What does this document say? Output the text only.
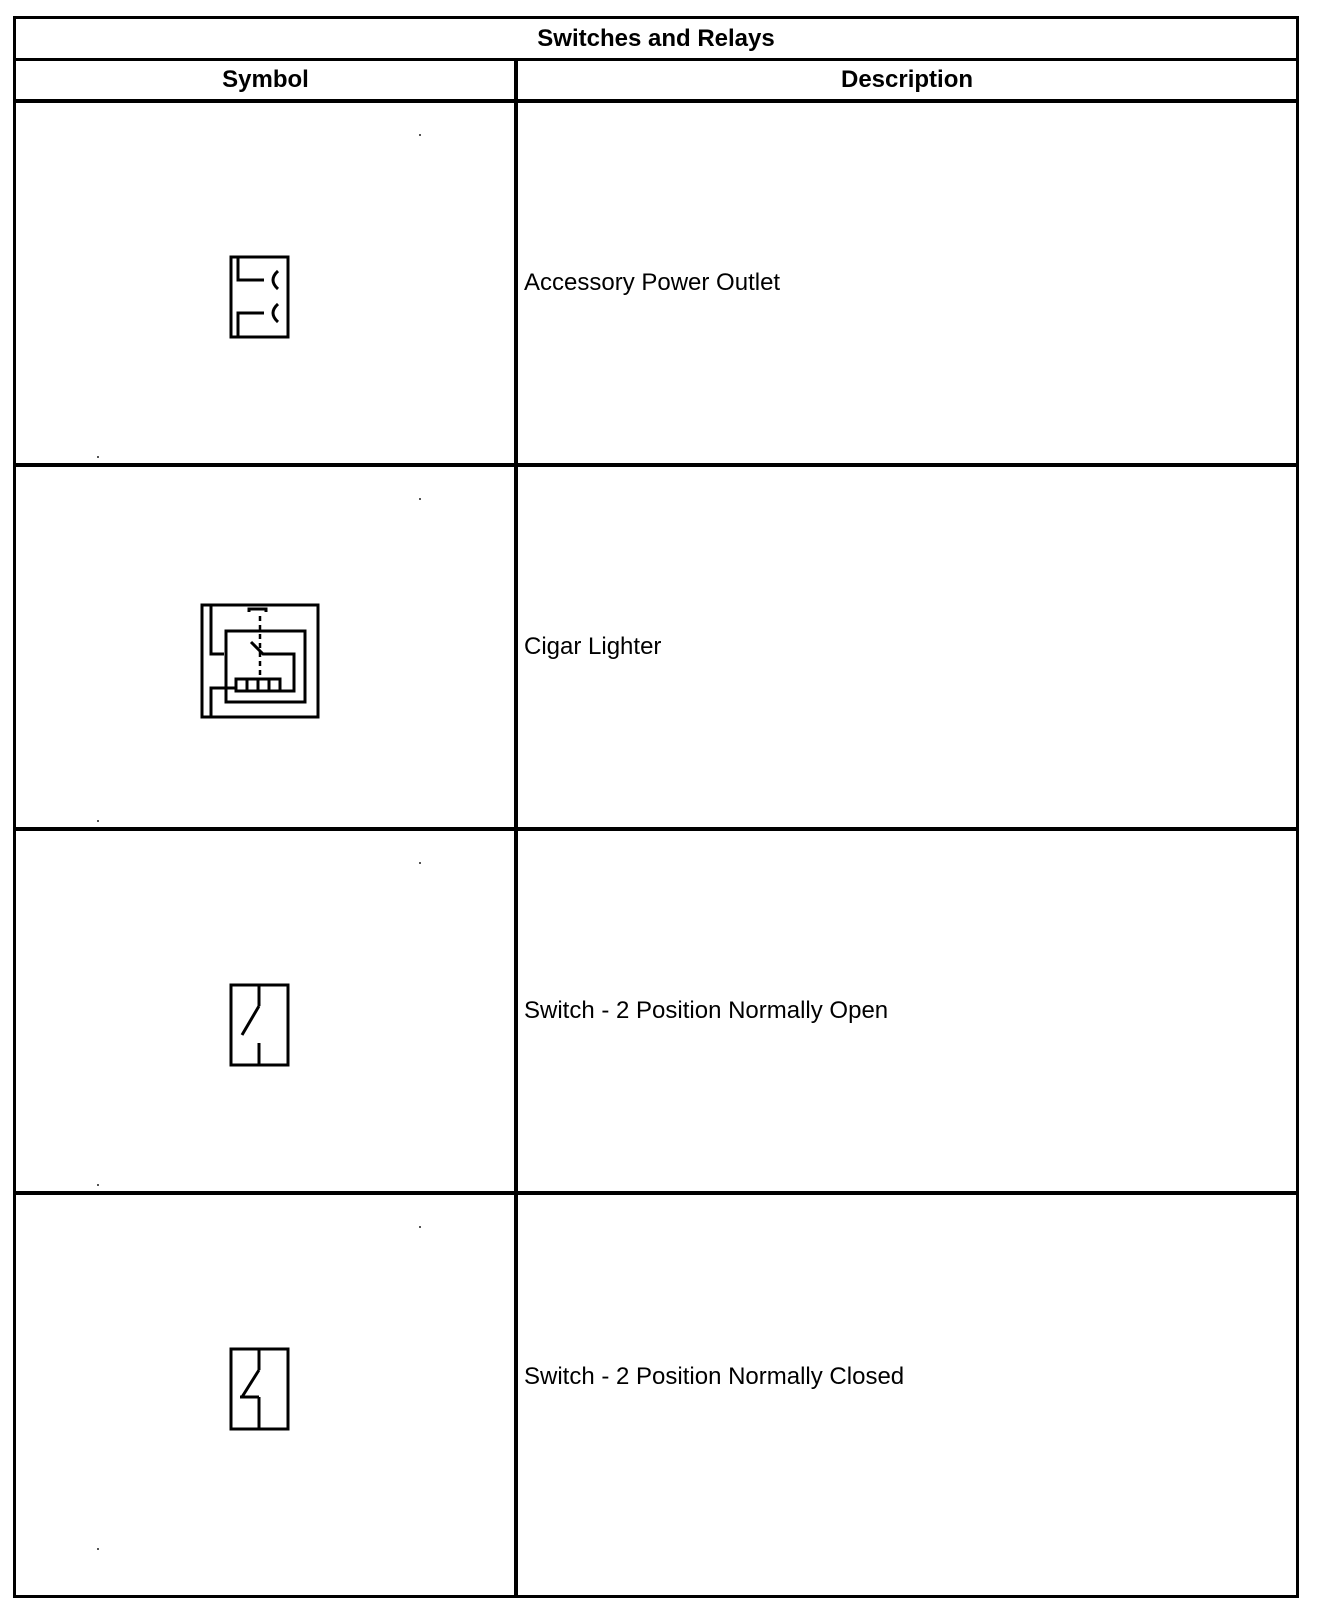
Switches and Relays
Symbol	Description
Accessory Power Outlet
Cigar Lighter
Switch - 2 Position Normally Open
Switch - 2 Position Normally Closed
